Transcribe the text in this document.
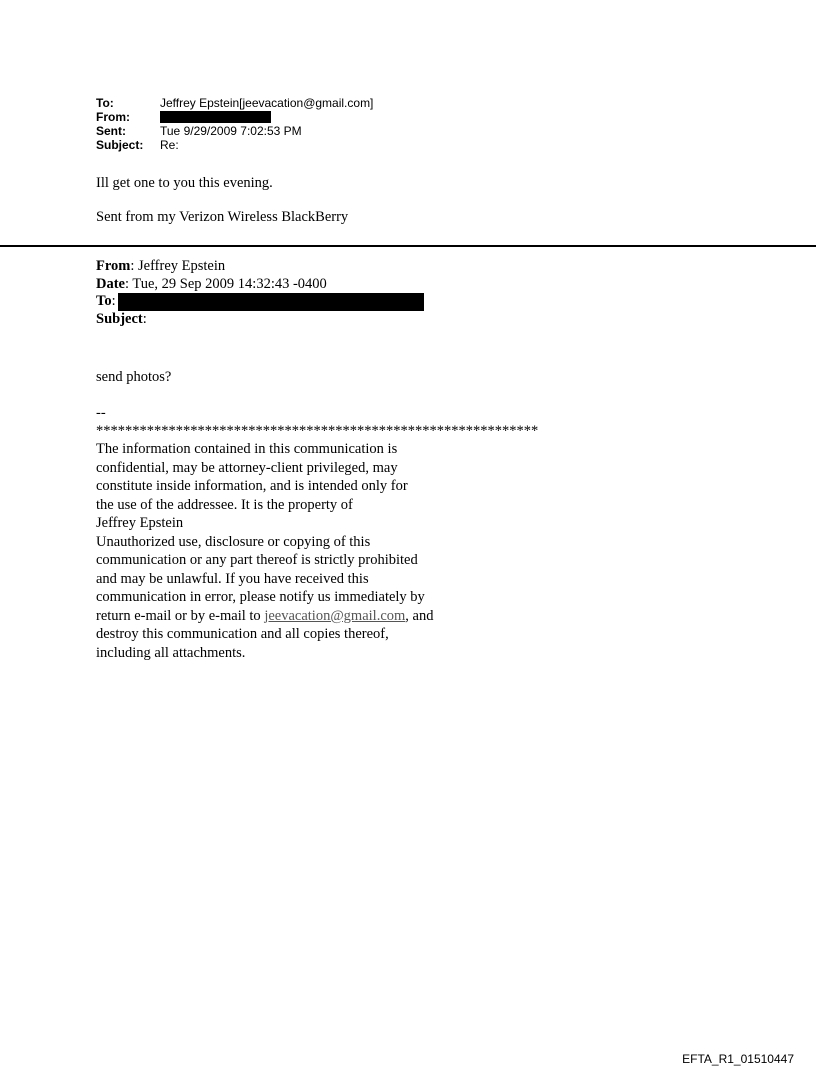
To:	Jeffrey Epstein[jeevacation@gmail.com]
From:
Sent:	Tue 9/29/2009 7:02:53 PM
Subject:	Re:
Ill get one to you this evening.
Sent from my Verizon Wireless BlackBerry
From : Jeffrey Epstein
Date : Tue, 29 Sep 2009 14:32:43 -0400
To :
Subject :
send photos?
--
*************************************************************
The information contained in this communication is
confidential, may be attorney-client privileged, may
constitute inside information, and is intended only for
the use of the addressee. It is the property of
Jeffrey Epstein
Unauthorized use, disclosure or copying of this
communication or any part thereof is strictly prohibited
and may be unlawful. If you have received this
communication in error, please notify us immediately by
return e-mail or by e-mail to jeevacation@gmail.com, and
destroy this communication and all copies thereof,
including all attachments.
EFTA_R1_01510447
